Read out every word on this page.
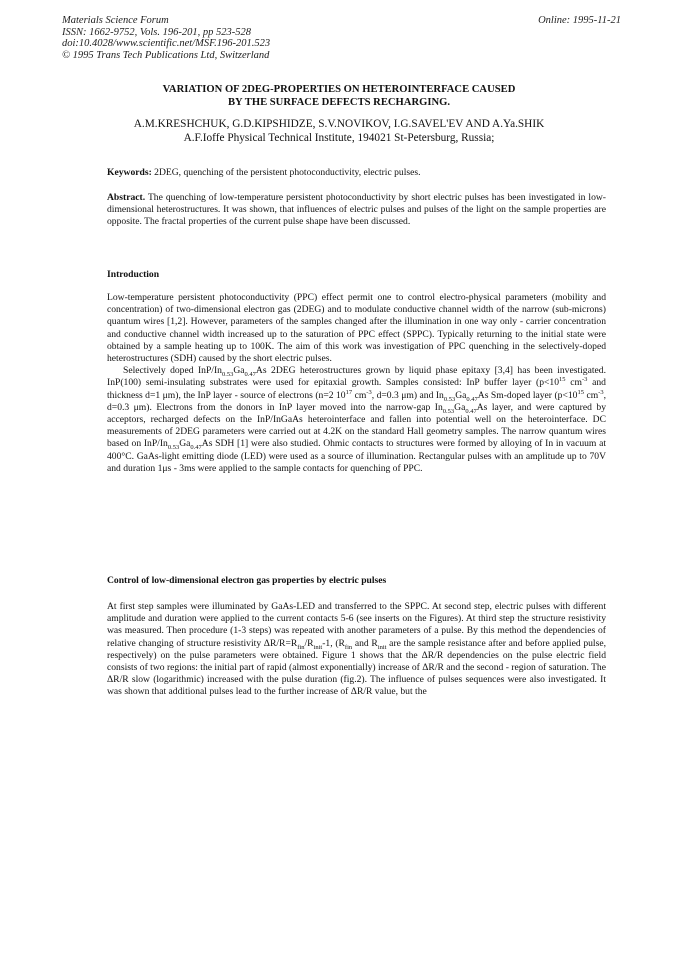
Materials Science Forum
ISSN: 1662-9752, Vols. 196-201, pp 523-528
doi:10.4028/www.scientific.net/MSF.196-201.523
© 1995 Trans Tech Publications Ltd, Switzerland
Online: 1995-11-21
VARIATION OF 2DEG-PROPERTIES ON HETEROINTERFACE CAUSED
BY THE SURFACE DEFECTS RECHARGING.
A.M.KRESHCHUK, G.D.KIPSHIDZE, S.V.NOVIKOV, I.G.SAVEL'EV AND A.Ya.SHIK
A.F.Ioffe Physical Technical Institute, 194021 St-Petersburg, Russia;

Keywords: 2DEG, quenching of the persistent photoconductivity, electric pulses.

Abstract. The quenching of low-temperature persistent photoconductivity by short electric pulses has been investigated in low-dimensional heterostructures. It was shown, that influences of electric pulses and pulses of the light on the sample properties are opposite. The fractal properties of the current pulse shape have been discussed.

Introduction

Low-temperature persistent photoconductivity (PPC) effect permit one to control electro-physical parameters (mobility and concentration) of two-dimensional electron gas (2DEG) and to modulate conductive channel width of the narrow (sub-microns) quantum wires [1,2]. However, parameters of the samples changed after the illumination in one way only - carrier concentration and conductive channel width increased up to the saturation of PPC effect (SPPC). Typically returning to the initial state were obtained by a sample heating up to 100K. The aim of this work was investigation of PPC quenching in the selectively-doped heterostructures (SDH) caused by the short electric pulses.

Selectively doped InP/$In_{0.53}Ga_{0.47}As$ 2DEG heterostructures grown by liquid phase epitaxy [3,4] has been investigated. InP(100) semi-insulating substrates were used for epitaxial growth. Samples consisted: InP buffer layer ($p<10^{15}$ $cm^{-3}$ and thickness d=1 μm), the InP layer - source of electrons (n=2 $10^{17}$ $cm^{-3}$, d=0.3 μm) and $In_{0.53}Ga_{0.47}As$ Sm-doped layer ($p<10^{15}$ $cm^{-3}$, d=0.3 μm). Electrons from the donors in InP layer moved into the narrow-gap $In_{0.53}Ga_{0.47}As$ layer, and were captured by acceptors, recharged defects on the InP/InGaAs heterointerface and fallen into potential well on the heterointerface. DC measurements of 2DEG parameters were carried out at 4.2K on the standard Hall geometry samples. The narrow quantum wires based on InP/$In_{0.53}Ga_{0.47}As$ SDH [1] were also studied. Ohmic contacts to structures were formed by alloying of In in vacuum at 400°C. GaAs-light emitting diode (LED) were used as a source of illumination. Rectangular pulses with an amplitude up to 70V and duration 1μs - 3ms were applied to the sample contacts for quenching of PPC.

Control of low-dimensional electron gas properties by electric pulses

At first step samples were illuminated by GaAs-LED and transferred to the SPPC. At second step, electric pulses with different amplitude and duration were applied to the current contacts 5-6 (see inserts on the Figures). At third step the structure resistivity was measured. Then procedure (1-3 steps) was repeated with another parameters of a pulse. By this method the dependencies of relative changing of structure resistivity $\Delta R/R=R_{fin}/R_{init}-1$, ($R_{fin}$ and $R_{init}$ are the sample resistance after and before applied pulse, respectively) on the pulse parameters were obtained. Figure 1 shows that the ΔR/R dependencies on the pulse electric field consists of two regions: the initial part of rapid (almost exponentially) increase of ΔR/R and the second - region of saturation. The ΔR/R slow (logarithmic) increased with the pulse duration (fig.2). The influence of pulses sequences were also investigated. It was shown that additional pulses lead to the further increase of ΔR/R value, but the
